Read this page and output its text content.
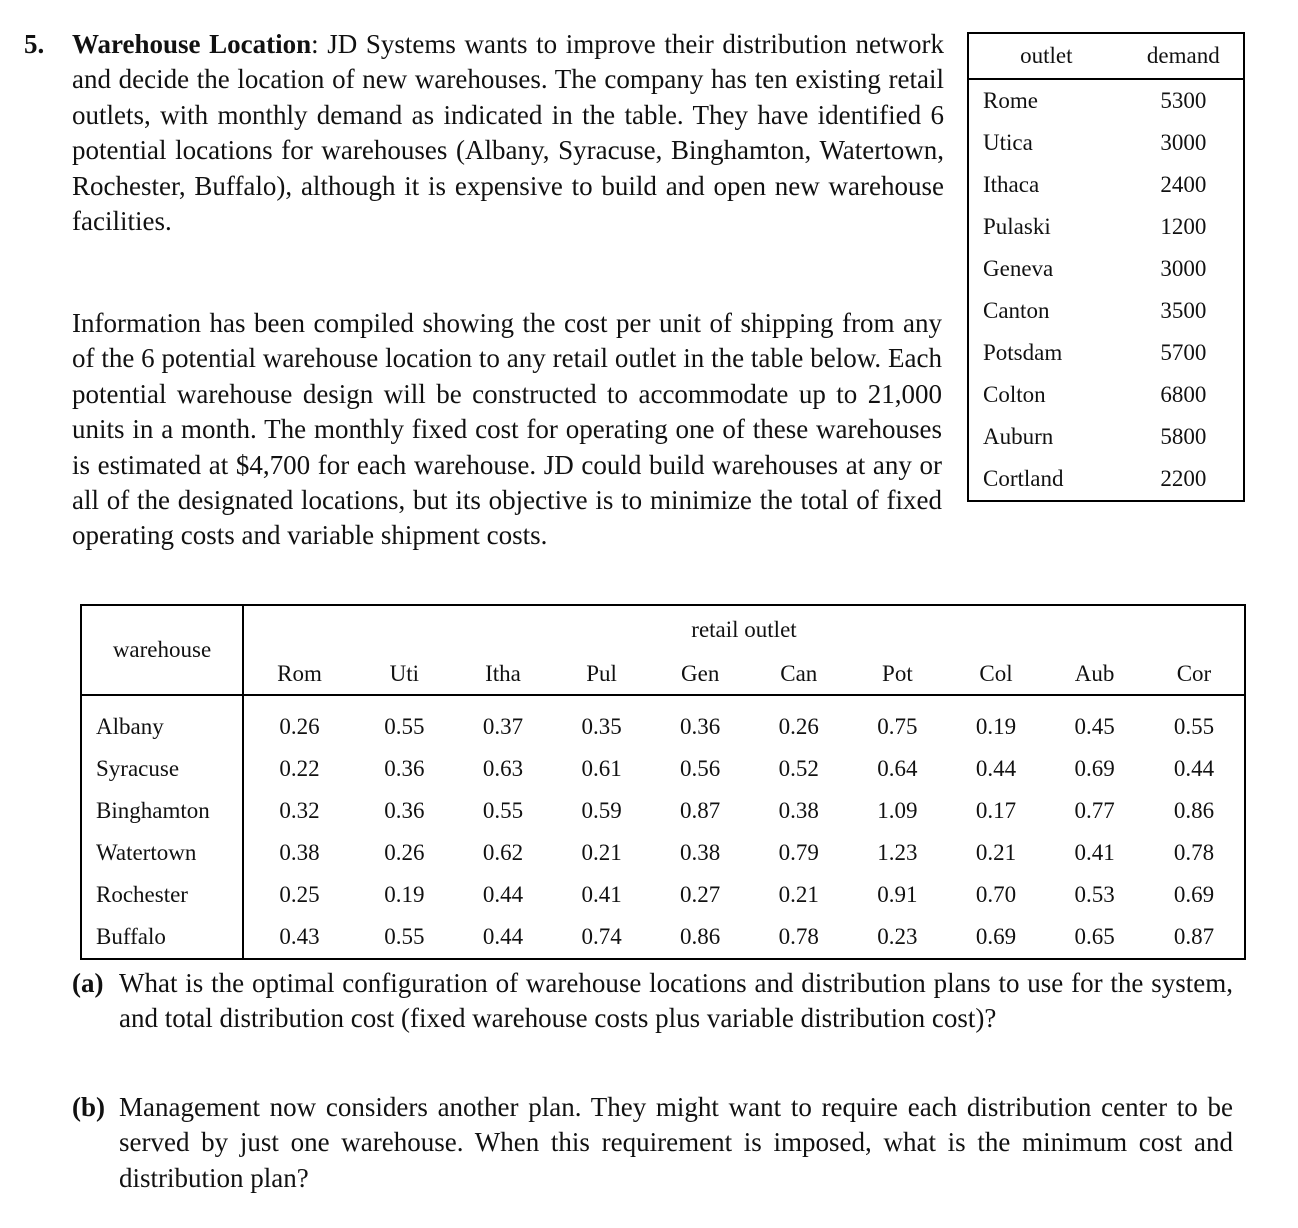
5. Warehouse Location: JD Systems wants to improve their distribution network and decide the location of new warehouses. The company has ten existing retail outlets, with monthly demand as indicated in the table. They have identified 6 potential locations for warehouses (Albany, Syracuse, Binghamton, Watertown, Rochester, Buffalo), although it is expensive to build and open new warehouse facilities.

Information has been compiled showing the cost per unit of shipping from any of the 6 potential warehouse location to any retail outlet in the table below. Each potential warehouse design will be constructed to accommodate up to 21,000 units in a month. The monthly fixed cost for operating one of these warehouses is estimated at $4,700 for each warehouse. JD could build warehouses at any or all of the designated locations, but its objective is to minimize the total of fixed operating costs and variable shipment costs.

outlet	demand
Rome	5300
Utica	3000
Ithaca	2400
Pulaski	1200
Geneva	3000
Canton	3500
Potsdam	5700
Colton	6800
Auburn	5800
Cortland	2200
warehouse	retail outlet									
	Rom	Uti	Itha	Pul	Gen	Can	Pot	Col	Aub	Cor
Albany	0.26	0.55	0.37	0.35	0.36	0.26	0.75	0.19	0.45	0.55
Syracuse	0.22	0.36	0.63	0.61	0.56	0.52	0.64	0.44	0.69	0.44
Binghamton	0.32	0.36	0.55	0.59	0.87	0.38	1.09	0.17	0.77	0.86
Watertown	0.38	0.26	0.62	0.21	0.38	0.79	1.23	0.21	0.41	0.78
Rochester	0.25	0.19	0.44	0.41	0.27	0.21	0.91	0.70	0.53	0.69
Buffalo	0.43	0.55	0.44	0.74	0.86	0.78	0.23	0.69	0.65	0.87

(a) What is the optimal configuration of warehouse locations and distribution plans to use for the system, and total distribution cost (fixed warehouse costs plus variable distribution cost)?

(b) Management now considers another plan. They might want to require each distribution center to be served by just one warehouse. When this requirement is imposed, what is the minimum cost and distribution plan?
